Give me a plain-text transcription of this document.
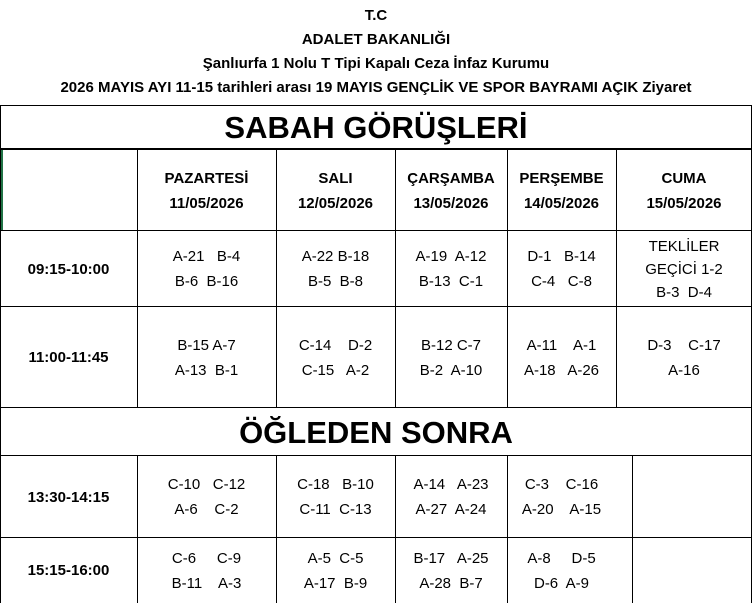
T.C
ADALET BAKANLIĞI
Şanlıurfa 1 Nolu T Tipi Kapalı Ceza İnfaz Kurumu
2026 MAYIS AYI 11-15 tarihleri arası 19 MAYIS GENÇLİK VE SPOR BAYRAMI AÇIK Ziyaret
SABAH GÖRÜŞLERİ
PAZARTESİ
11/05/2026
SALI
12/05/2026
ÇARŞAMBA
13/05/2026
PERŞEMBE
14/05/2026
CUMA
15/05/2026
09:15-10:00
A-21   B-4
B-6  B-16
A-22 B-18
B-5  B-8
A-19  A-12
B-13  C-1
D-1   B-14
C-4   C-8
TEKLİLER
GEÇİCİ 1-2
B-3  D-4
11:00-11:45
B-15 A-7
A-13  B-1
C-14    D-2
C-15   A-2
B-12 C-7
B-2  A-10
A-11    A-1
A-18   A-26
D-3    C-17
A-16
ÖĞLEDEN SONRA
13:30-14:15
C-10   C-12
A-6    C-2
C-18   B-10
C-11  C-13
A-14   A-23
A-27  A-24
C-3    C-16
A-20    A-15
15:15-16:00
C-6     C-9
B-11    A-3
A-5  C-5
A-17  B-9
B-17   A-25
A-28  B-7
A-8     D-5
D-6  A-9
